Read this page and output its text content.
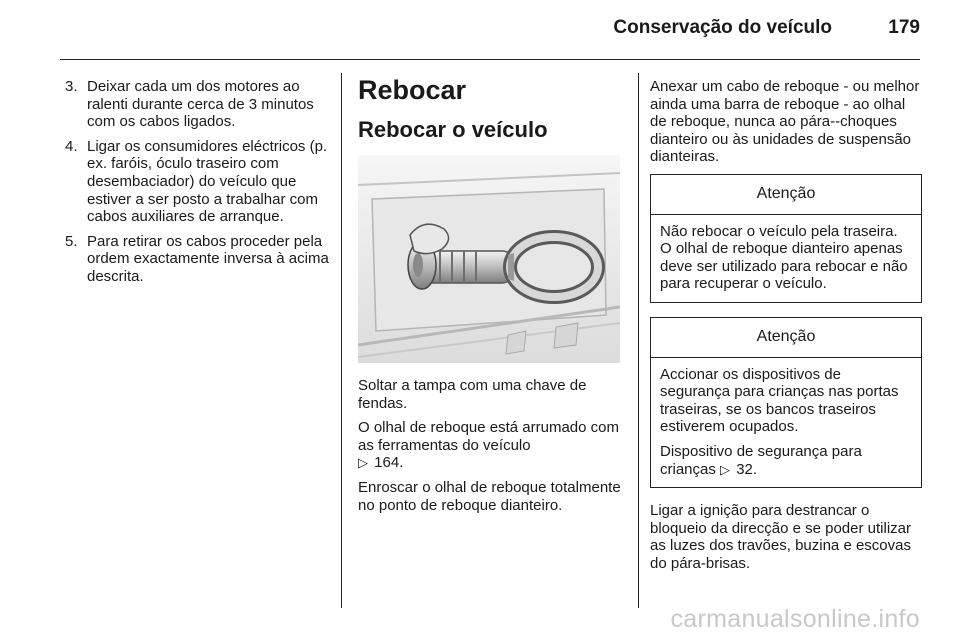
Conservação do veículo	179
3. Deixar cada um dos motores ao ralenti durante cerca de 3 minutos com os cabos ligados.
4. Ligar os consumidores eléctricos (p. ex. faróis, óculo traseiro com desembaciador) do veículo que estiver a ser posto a trabalhar com cabos auxiliares de arranque.
5. Para retirar os cabos proceder pela ordem exactamente inversa à acima descrita.
Rebocar
Rebocar o veículo

Soltar a tampa com uma chave de fendas.

O olhal de reboque está arrumado com as ferramentas do veículo
▷ 164.

Enroscar o olhal de reboque totalmente no ponto de reboque dianteiro.

Anexar um cabo de reboque - ou melhor ainda uma barra de reboque - ao olhal de reboque, nunca ao pára--choques dianteiro ou às unidades de suspensão dianteiras.

Atenção

Não rebocar o veículo pela traseira. O olhal de reboque dianteiro apenas deve ser utilizado para rebocar e não para recuperar o veículo.

Atenção

Accionar os dispositivos de segurança para crianças nas portas traseiras, se os bancos traseiros estiverem ocupados.

Dispositivo de segurança para crianças ▷ 32.

Ligar a ignição para destrancar o bloqueio da direcção e se poder utilizar as luzes dos travões, buzina e escovas do pára-brisas.

carmanualsonline.info
